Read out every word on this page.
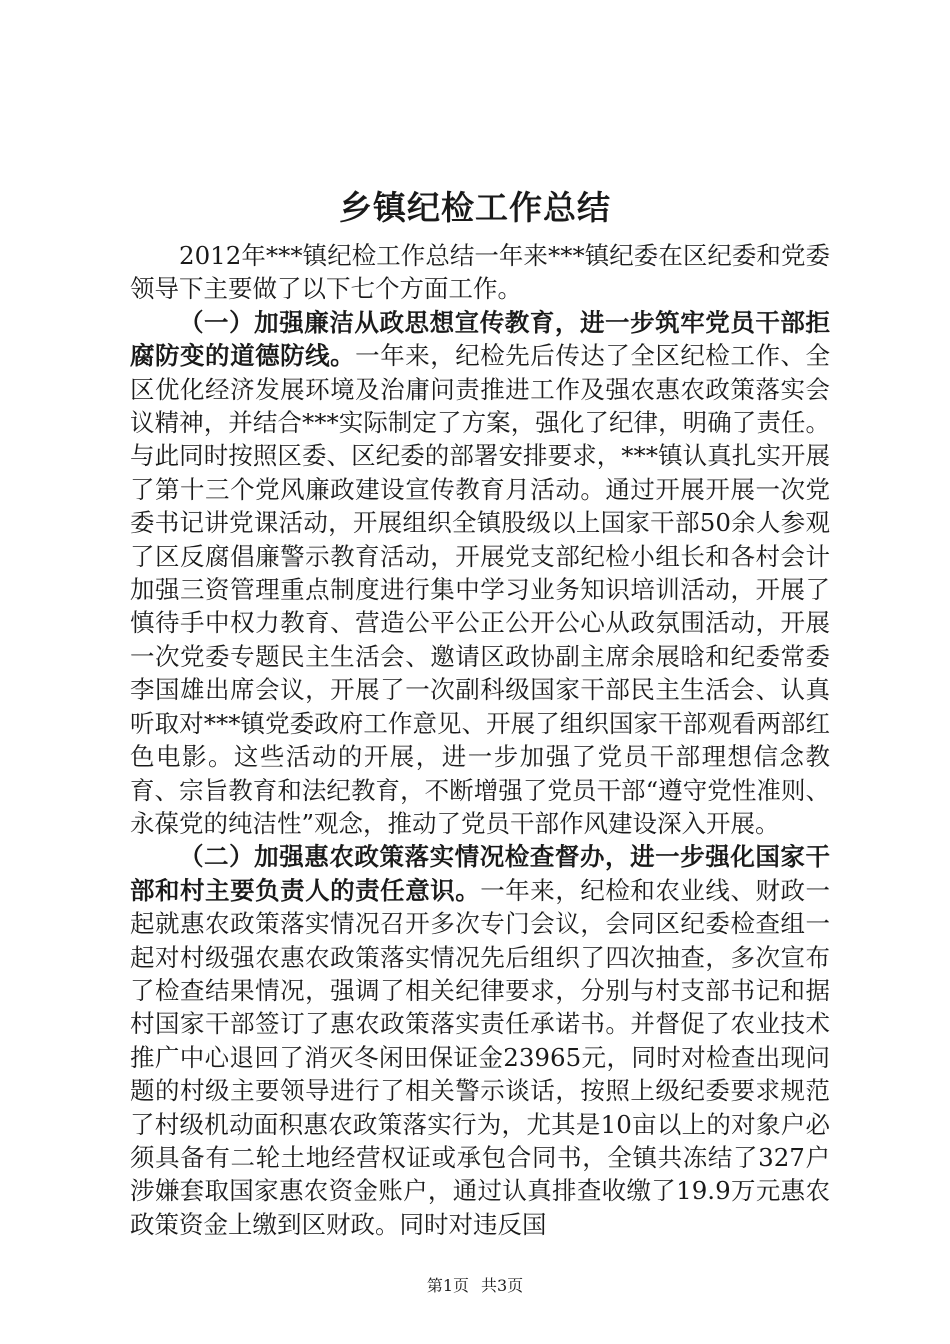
乡镇纪检工作总结

2012年***镇纪检工作总结一年来***镇纪委在区纪委和党委领导下主要做了以下七个方面工作。

（一）加强廉洁从政思想宣传教育，进一步筑牢党员干部拒腐防变的道德防线。一年来，纪检先后传达了全区纪检工作、全区优化经济发展环境及治庸问责推进工作及强农惠农政策落实会议精神，并结合***实际制定了方案，强化了纪律，明确了责任。与此同时按照区委、区纪委的部署安排要求，***镇认真扎实开展了第十三个党风廉政建设宣传教育月活动。通过开展开展一次党委书记讲党课活动，开展组织全镇股级以上国家干部50余人参观了区反腐倡廉警示教育活动，开展党支部纪检小组长和各村会计加强三资管理重点制度进行集中学习业务知识培训活动，开展了慎待手中权力教育、营造公平公正公开公心从政氛围活动，开展一次党委专题民主生活会、邀请区政协副主席余展晗和纪委常委李国雄出席会议，开展了一次副科级国家干部民主生活会、认真听取对***镇党委政府工作意见、开展了组织国家干部观看两部红色电影。这些活动的开展，进一步加强了党员干部理想信念教育、宗旨教育和法纪教育，不断增强了党员干部“遵守党性准则、永葆党的纯洁性”观念，推动了党员干部作风建设深入开展。

（二）加强惠农政策落实情况检查督办，进一步强化国家干部和村主要负责人的责任意识。一年来，纪检和农业线、财政一起就惠农政策落实情况召开多次专门会议，会同区纪委检查组一起对村级强农惠农政策落实情况先后组织了四次抽查，多次宣布了检查结果情况，强调了相关纪律要求，分别与村支部书记和据村国家干部签订了惠农政策落实责任承诺书。并督促了农业技术推广中心退回了消灭冬闲田保证金23965元，同时对检查出现问题的村级主要领导进行了相关警示谈话，按照上级纪委要求规范了村级机动面积惠农政策落实行为，尤其是10亩以上的对象户必须具备有二轮土地经营权证或承包合同书，全镇共冻结了327户涉嫌套取国家惠农资金账户，通过认真排查收缴了19.9万元惠农政策资金上缴到区财政。同时对违反国

第1页 共3页
